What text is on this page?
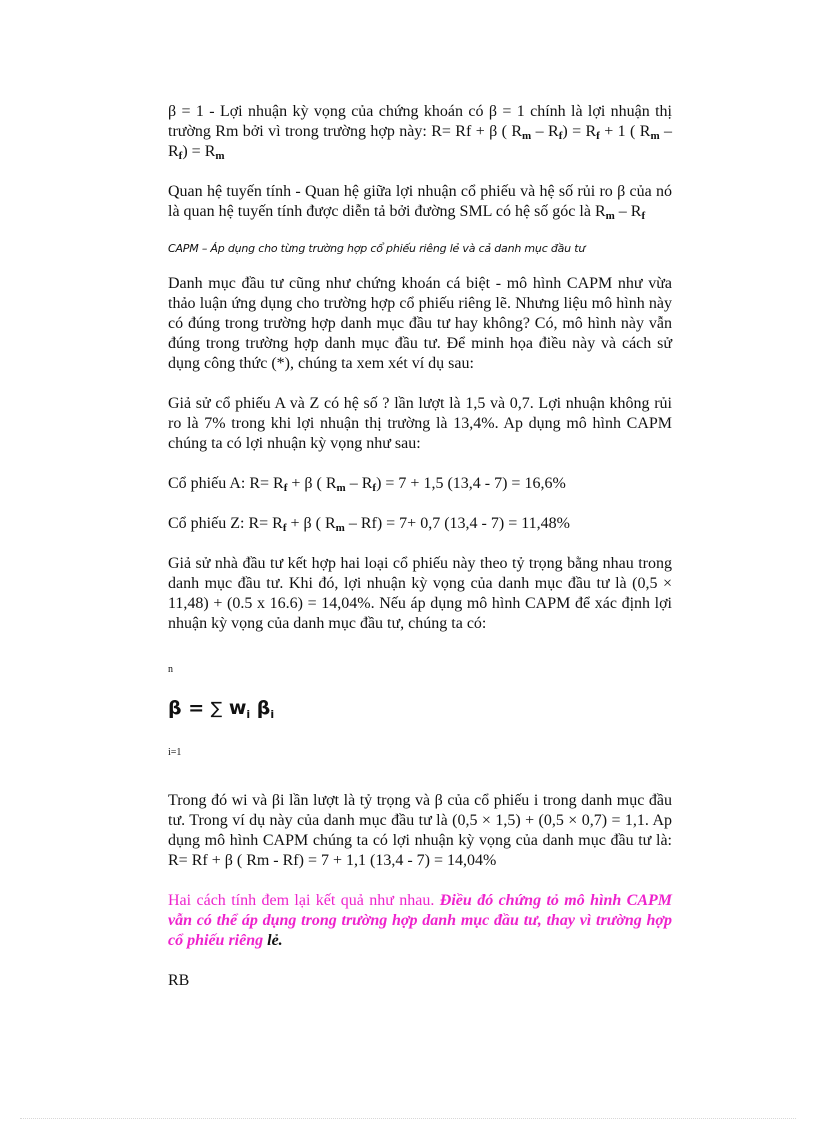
β = 1 - Lợi nhuận kỳ vọng của chứng khoán có β = 1 chính là lợi nhuận thị trường Rm bởi vì trong trường hợp này: R= Rf + β ( $R_m - R_f) = R_f + 1$ ( $R_m - R_f) = R_m$

Quan hệ tuyến tính - Quan hệ giữa lợi nhuận cổ phiếu và hệ số rủi ro β của nó là quan hệ tuyến tính được diễn tả bởi đường SML có hệ số góc là $R_m - R_f$

CAPM – Áp dụng cho từng trường hợp cổ phiếu riêng lẻ và cả danh mục đầu tư

Danh mục đầu tư cũng như chứng khoán cá biệt - mô hình CAPM như vừa thảo luận ứng dụng cho trường hợp cổ phiếu riêng lẽ. Nhưng liệu mô hình này có đúng trong trường hợp danh mục đầu tư hay không? Có, mô hình này vẫn đúng trong trường hợp danh mục đầu tư. Để minh họa điều này và cách sử dụng công thức (*), chúng ta xem xét ví dụ sau:

Giả sử cổ phiếu A và Z có hệ số ? lần lượt là 1,5 và 0,7. Lợi nhuận không rủi ro là 7% trong khi lợi nhuận thị trường là 13,4%. Ap dụng mô hình CAPM chúng ta có lợi nhuận kỳ vọng như sau:

Cổ phiếu A: $R= R_f + \beta$ ( $R_m - R_f) = 7 + 1,5$ (13,4 - 7) = 16,6%

Cổ phiếu Z: $R= R_f + \beta$ ( $R_m - Rf) = 7+ 0,7$ (13,4 - 7) = 11,48%

Giả sử nhà đầu tư kết hợp hai loại cổ phiếu này theo tỷ trọng bằng nhau trong danh mục đầu tư. Khi đó, lợi nhuận kỳ vọng của danh mục đầu tư là (0,5 × 11,48) + (0.5 x 16.6) = 14,04%. Nếu áp dụng mô hình CAPM để xác định lợi nhuận kỳ vọng của danh mục đầu tư, chúng ta có:

n

β = ∑ $w_i$ $\beta_i$

i=1

Trong đó wi và βi lần lượt là tỷ trọng và β của cổ phiếu i trong danh mục đầu tư. Trong ví dụ này của danh mục đầu tư là (0,5 × 1,5) + (0,5 × 0,7) = 1,1. Ap dụng mô hình CAPM chúng ta có lợi nhuận kỳ vọng của danh mục đầu tư là: R= Rf + β ( Rm - Rf) = 7 + 1,1 (13,4 - 7) = 14,04%

Hai cách tính đem lại kết quả như nhau. Điều đó chứng tỏ mô hình CAPM vẫn có thể áp dụng trong trường hợp danh mục đầu tư, thay vì trường hợp cổ phiếu riêng lẻ.

RB
